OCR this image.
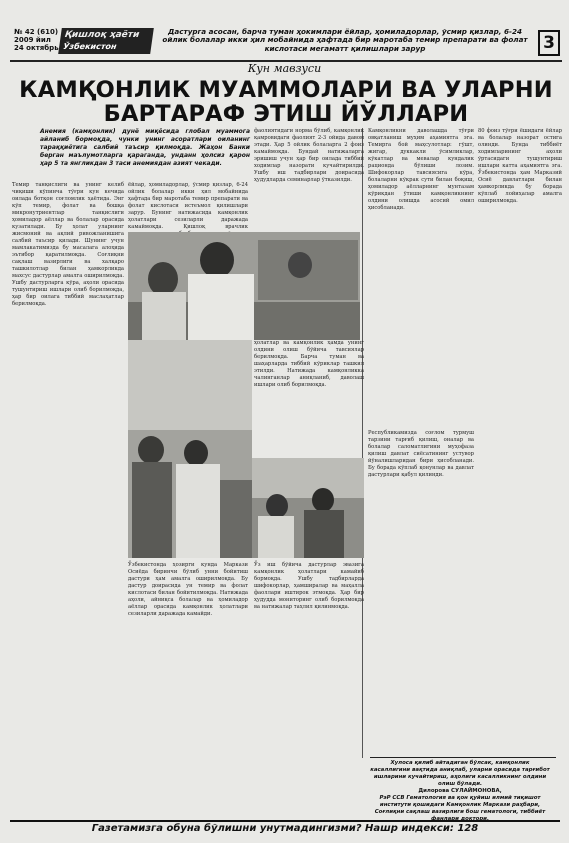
№ 42 (610)
2009 йил
24 октябрь
Қишлоқ ҳаёти
Ўзбекистон
Дастурга асосан, барча туман ҳокимлари ёйлар, ҳомиладорлар, ўсмир қизлар, 6-24 ойлик болалар икки ҳил мобайнида ҳафтада бир маротаба темир препарати ва фолат кислотаси мегаматт қилишлари зарур	3
Кун мавзуси
КАМҚОНЛИК МУАММОЛАРИ ВА УЛАРНИ БАРТАРАФ ЭТИШ ЙЎЛЛАРИ
Анемия (камқонлик) дунё миқёсида глобал муаммога айланиб бормоқда, чунки унинг асоратлари оиланинг тараққиётига салбий таъсир қилмоқда. Жаҳон Банки берган маълумотларга қараганда, унданн ҳолсиз қарон ҳар 5 та янгликдан 3 таси анемиядан азият чекади.
Темир танқислиги ва унинг келиб чиқиши кўпинча тўғри кун кечида оилада ботқон соғломлик ҳаётида. Энг кўп темир, фолат ва бошқа микронутриентлар танқислиги ҳомиладор аёллар ва болалар орасида кузатилади. Бу ҳолат уларнинг жисмоний ва ақлий ривожланишига салбий таъсир қилади. Шунинг учун мамлакатимизда бу масалага алоҳида эътибор қаратилмоқда. Соғлиқни сақлаш вазирлиги ва халқаро ташкилотлар билан ҳамкорликда махсус дастурлар амалга оширилмоқда. Ушбу дастурларга кўра, аҳоли орасида тушунтириш ишлари олиб борилмоқда, ҳар бир оилага тиббий маслаҳатлар берилмоқда.
ёйлар, ҳомиладорлар, ўсмир қизлар, 6-24 ойлик болалар икки ҳил мобайнида ҳафтада бир маротаба темир препарати ва фолат кислотаси истеъмол қилишлари зарур. Бунинг натижасида камқонлик ҳолатлари сезиларли даражада камаймоқда. Қишлоқ врачлик
фаолиятидаги норма бўлиб, камқонлик қамровидаги фаолият 2-3 ойида давом этади. Ҳар 5 ойлик болаларга 2 фоиз камаймоқда. Бундай натижаларга эришиш учун ҳар бир оилада тиббий ходимлар назорати кучайтирилди. Ушбу иш тадбирлари доирасида ҳудудларда семинарлар ўтказилди.
Камқонликни даволашда тўғри овқатланиш муҳим аҳамиятга эга. Темирга бой маҳсулотлар: гўшт, жигар, дуккакли ўсимликлар, кўкатлар ва мевалар кундалик рационда бўлиши лозим. Шифокорлар тавсиясига кўра, болаларни кўкрак сути билан боқиш, ҳомиладор аёлларнинг мунтазам кўрикдан ўтиши камқонликнинг олдини олишда асосий омил ҳисобланади.
80 фоиз тўғри ёшидаги ёйлар ва болалар назорат остига олинди. Бунда тиббиёт ходимларининг аҳоли ўртасидаги тушунтириш ишлари катта аҳамиятга эга. Ўзбекистонда ҳам Марказий Осиё давлатлари билан ҳамкорликда бу борада кўплаб лойиҳалар амалга оширилмоқда.
Ўзбекистонда ҳозирги кунда Маркази Осиёда биринчи бўлиб унни бойитиш дастури ҳам амалга оширилмоқда. Бу дастур доирасида ун темир ва фолат кислотаси билан бойитилмоқда. Натижада аҳоли, айниқса болалар ва ҳомиладор аёллар орасида камқонлик ҳолатлари сезиларли даражада камайди.
Ўз иш бўйича дастурлар эвазига камқонлик ҳолатлари камайиб бормоқда. Ушбу тадбирларда шифокорлар, ҳамширалар ва маҳалла фаоллари иштирок этмоқда. Ҳар бир ҳудудда мониторинг олиб борилмоқда ва натижалар таҳлил қилинмоқда.
ҳолатлар ва камқонлик ҳамда унинг олдини олиш бўйича тавсиялар берилмоқда. Барча туман ва шаҳарларда тиббий кўриклар ташкил этилди. Натижада камқонликка чалинганлар аниқланиб, даволаш ишлари олиб борилмоқда.
Республикамизда соғлом турмуш тарзини тарғиб қилиш, оналар ва болалар саломатлигини муҳофаза қилиш давлат сиёсатининг устувор йўналишларидан бири ҳисобланади. Бу борада кўплаб қонунлар ва давлат дастурлари қабул қилинди.
Хулоса қилиб айтадиган бўлсак, камқонлик касаллигини вақтида аниқлаб, уларни орасида тарғибот ишларини кучайтириш, аҳолиги касалликнинг олдини олиш бўлади.
Дилорова СУЛАЙМОНОВА,
РэР ССВ Гематология ва қон қуйиш илмий тиқишот институти қошидаги Камқонлик Маркази раҳбари, Соғлиқни сақлаш вазирлиги бош гематологи, тиббиёт фанлари доктори.
Газетамизга обуна бўлишни унутмадингизми? Нашр индекси: 128
